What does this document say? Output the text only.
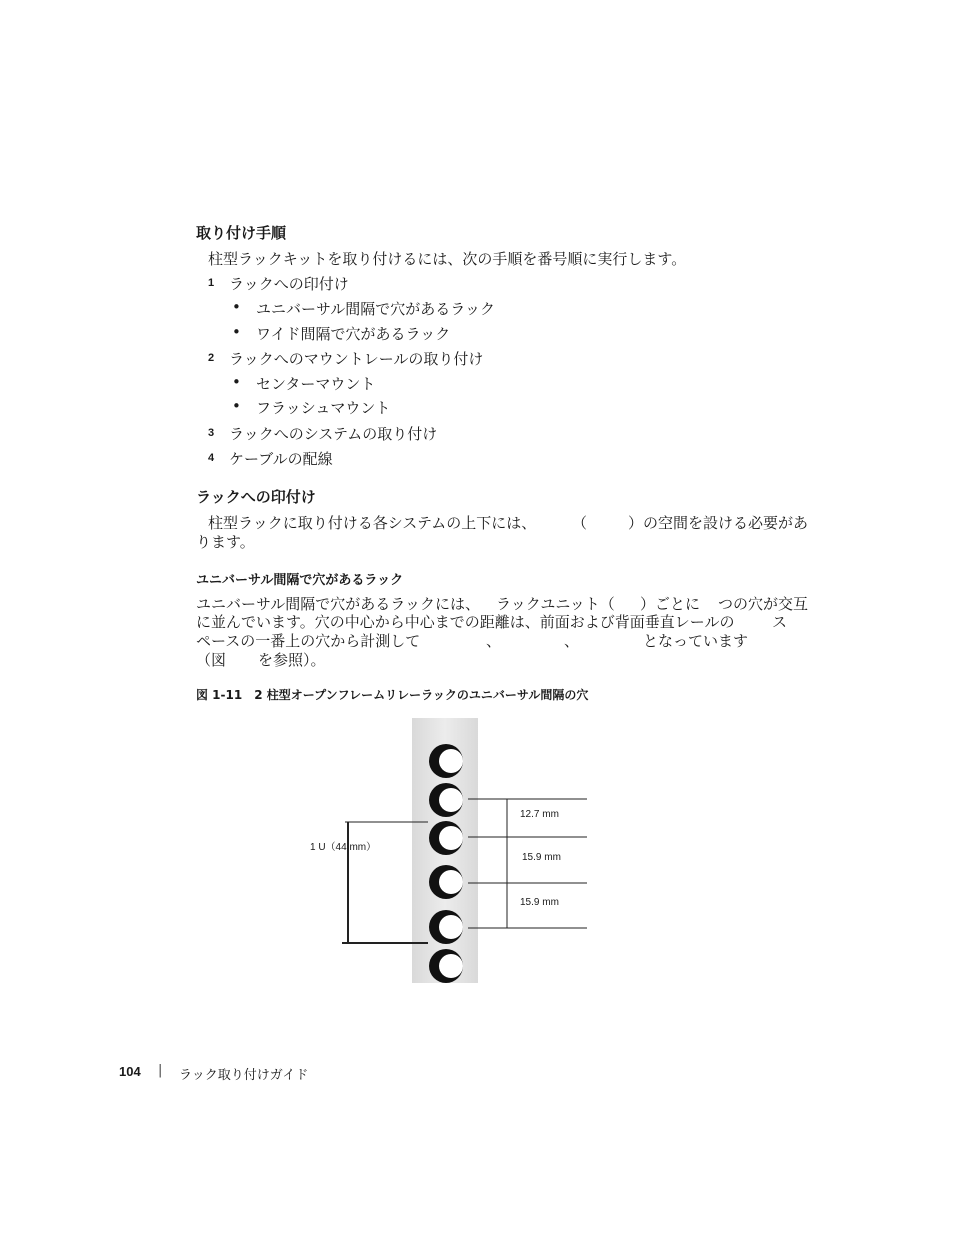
取り付け手順
柱型ラックキットを取り付けるには、次の手順を番号順に実行します。
1 ラックへの印付け
• ユニバーサル間隔で穴があるラック
• ワイド間隔で穴があるラック
2 ラックへのマウントレールの取り付け
• センターマウント
• フラッシュマウント
3 ラックへのシステムの取り付け
4 ケーブルの配線
ラックへの印付け
柱型ラックに取り付ける各システムの上下には、 （	）の空間を設ける必要があ
ります。
ユニバーサル間隔で穴があるラック
ユニバーサル間隔で穴があるラックには、 ラックユニット（ ）ごとに つの穴が交互
に並んでいます。穴の中心から中心までの距離は、前面および背面垂直レールの ス
ペースの一番上の穴から計測して	、	、	となっています
（図 を参照）。
図 1-11　2 柱型オープンフレームリレーラックのユニバーサル間隔の穴
12.7 mm
15.9 mm
15.9 mm
1 U（44 mm）
104 | ラック取り付けガイド
